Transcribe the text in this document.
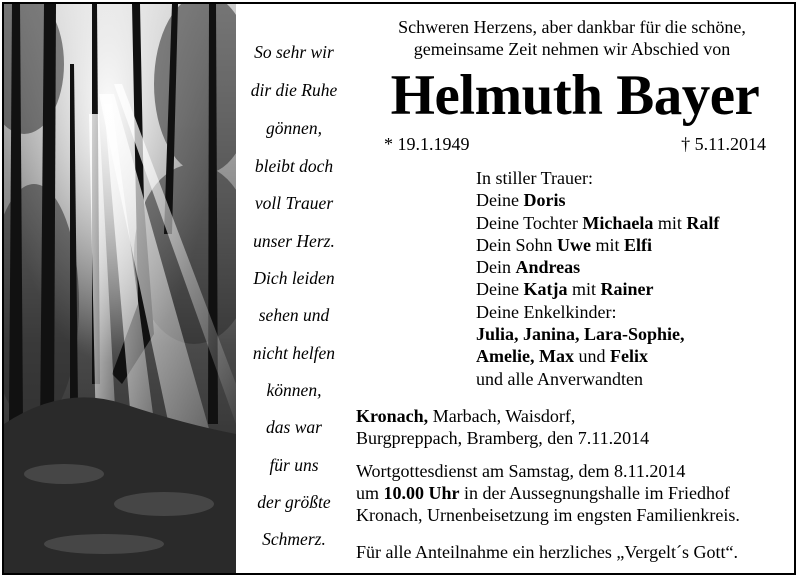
So sehr wir
dir die Ruhe
gönnen,
bleibt doch
voll Trauer
unser Herz.
Dich leiden
sehen und
nicht helfen
können,
das war
für uns
der größte
Schmerz.
Schweren Herzens, aber dankbar für die schöne,
gemeinsame Zeit nehmen wir Abschied von
Helmuth Bayer
* 19.1.1949	† 5.11.2014
In stiller Trauer:
Deine Doris
Deine Tochter Michaela mit Ralf
Dein Sohn Uwe mit Elfi
Dein Andreas
Deine Katja mit Rainer
Deine Enkelkinder:
Julia, Janina, Lara-Sophie,
Amelie, Max und Felix
und alle Anverwandten
Kronach, Marbach, Waisdorf,
Burgpreppach, Bramberg, den 7.11.2014
Wortgottesdienst am Samstag, dem 8.11.2014
um 10.00 Uhr in der Aussegnungshalle im Friedhof
Kronach, Urnenbeisetzung im engsten Familienkreis.
Für alle Anteilnahme ein herzliches „Vergelt´s Gott“.
